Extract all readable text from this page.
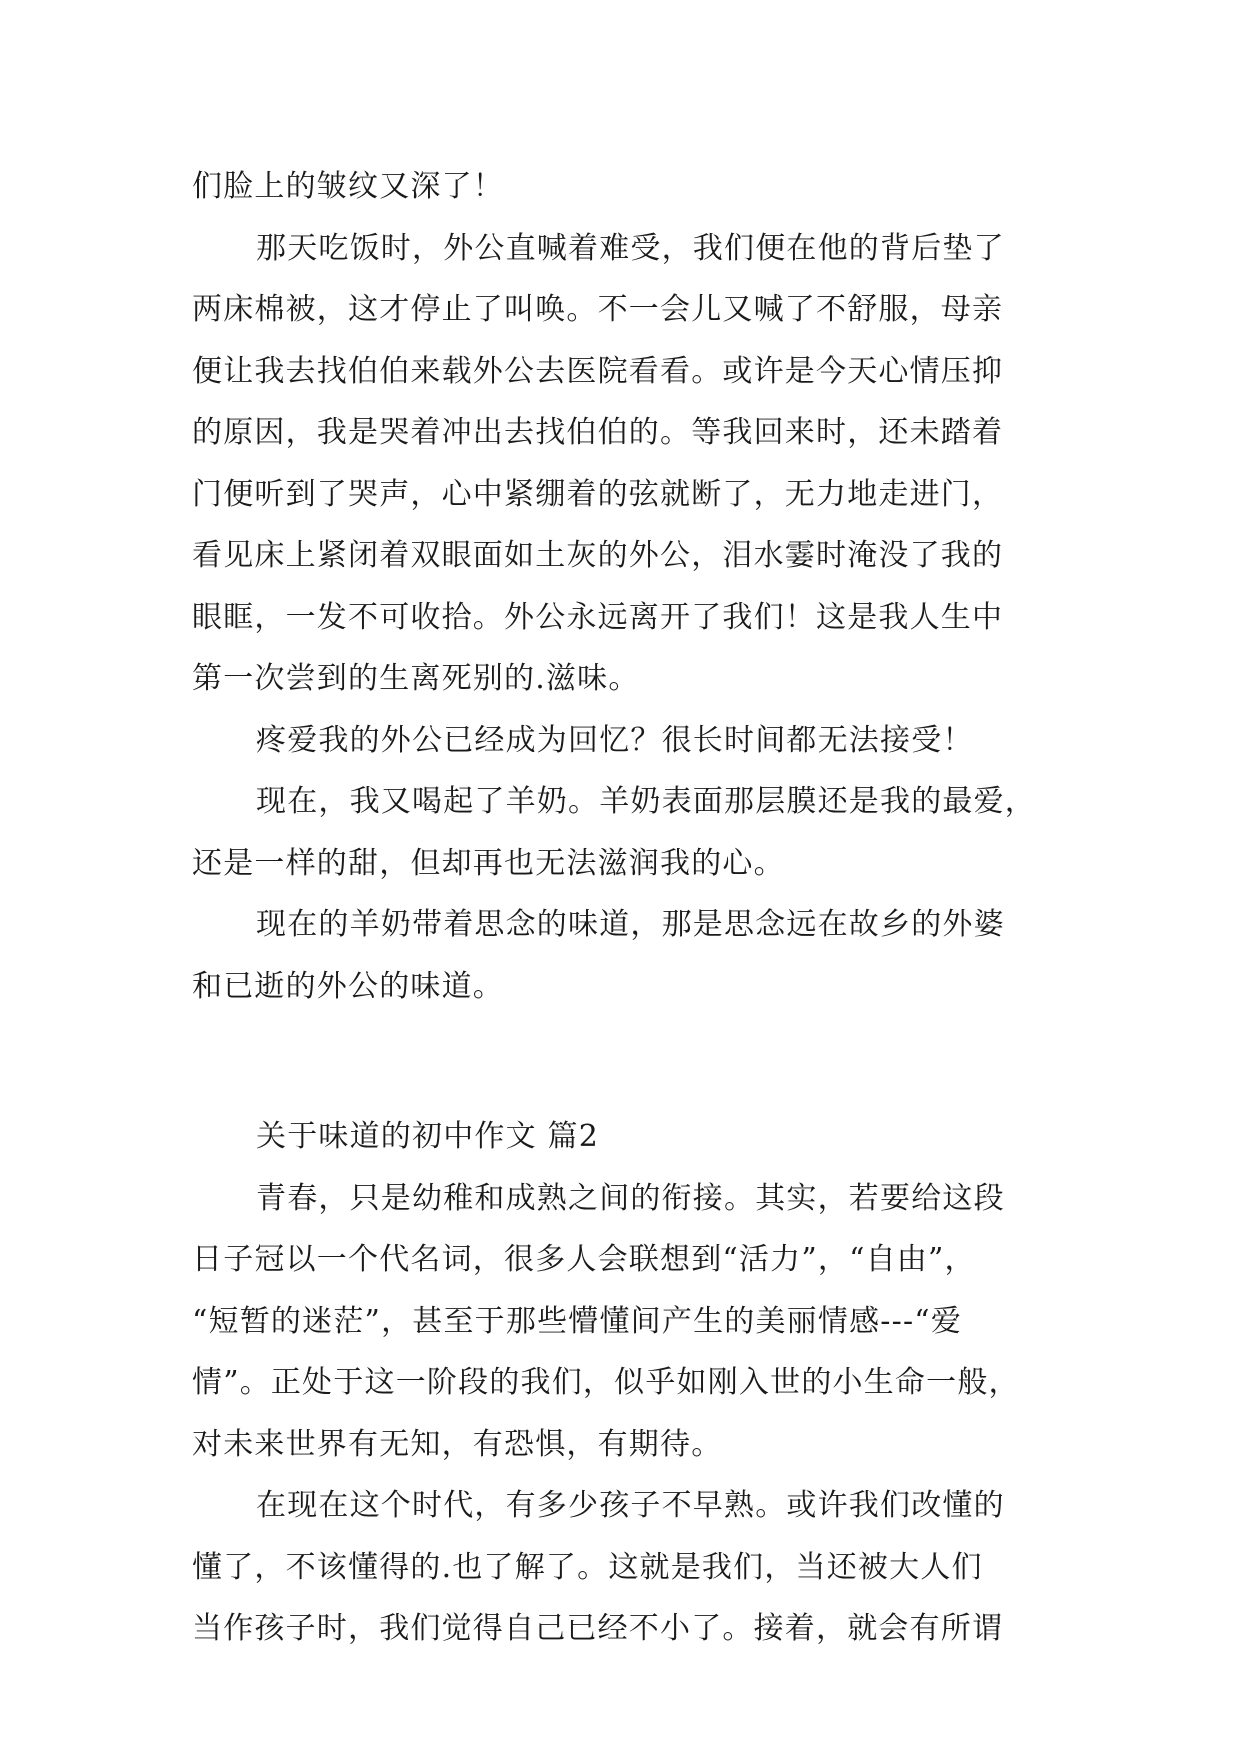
们脸上的皱纹又深了！
那天吃饭时，外公直喊着难受，我们便在他的背后垫了
两床棉被，这才停止了叫唤。不一会儿又喊了不舒服，母亲
便让我去找伯伯来载外公去医院看看。或许是今天心情压抑
的原因，我是哭着冲出去找伯伯的。等我回来时，还未踏着
门便听到了哭声，心中紧绷着的弦就断了，无力地走进门，
看见床上紧闭着双眼面如土灰的外公，泪水霎时淹没了我的
眼眶，一发不可收拾。外公永远离开了我们！这是我人生中
第一次尝到的生离死别的.滋味。
疼爱我的外公已经成为回忆？很长时间都无法接受！
现在，我又喝起了羊奶。羊奶表面那层膜还是我的最爱，
还是一样的甜，但却再也无法滋润我的心。
现在的羊奶带着思念的味道，那是思念远在故乡的外婆
和已逝的外公的味道。
关于味道的初中作文 篇2
青春，只是幼稚和成熟之间的衔接。其实，若要给这段
日子冠以一个代名词，很多人会联想到“活力”，“自由”，
“短暂的迷茫”，甚至于那些懵懂间产生的美丽情感---“爱
情”。正处于这一阶段的我们，似乎如刚入世的小生命一般，
对未来世界有无知，有恐惧，有期待。
在现在这个时代，有多少孩子不早熟。或许我们改懂的
懂了，不该懂得的.也了解了。这就是我们，当还被大人们
当作孩子时，我们觉得自己已经不小了。接着，就会有所谓
